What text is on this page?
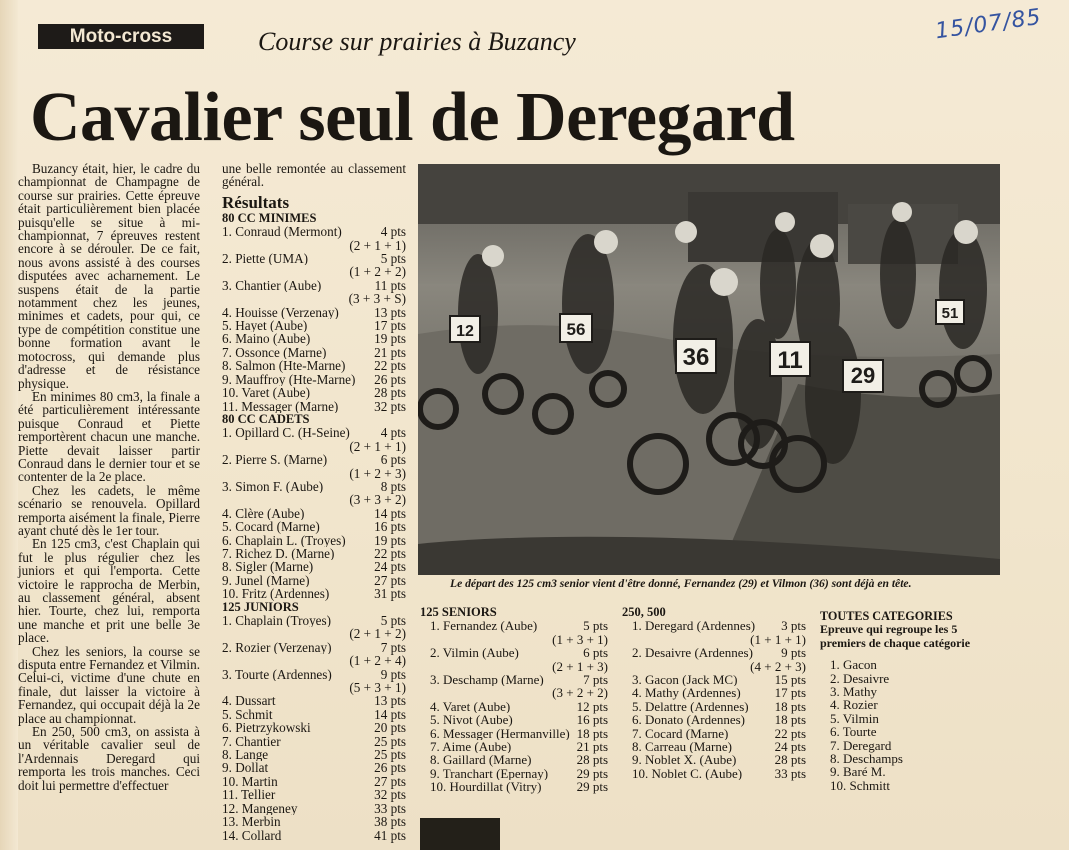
Moto-cross	Course sur prairies à Buzancy	15/07/85
Cavalier seul de Deregard

Buzancy était, hier, le cadre du championnat de Champagne de course sur prairies. Cette épreuve était particulièrement bien placée puisqu'elle se situe à mi-championnat, 7 épreuves restent encore à se dérouler. De ce fait, nous avons assisté à des courses disputées avec acharnement. Le suspens était de la partie notamment chez les jeunes, minimes et cadets, pour qui, ce type de compétition constitue une bonne formation avant le motocross, qui demande plus d'adresse et de résistance physique.

En minimes 80 cm3, la finale a été particulièrement intéressante puisque Conraud et Piette remportèrent chacun une manche. Piette devait laisser partir Conraud dans le dernier tour et se contenter de la 2e place.

Chez les cadets, le même scénario se renouvela. Opillard remporta aisément la finale, Pierre ayant chuté dès le 1er tour.

En 125 cm3, c'est Chaplain qui fut le plus régulier chez les juniors et qui l'emporta. Cette victoire le rapprocha de Merbin, au classement général, absent hier. Tourte, chez lui, remporta une manche et prit une belle 3e place.

Chez les seniors, la course se disputa entre Fernandez et Vilmin. Celui-ci, victime d'une chute en finale, dut laisser la victoire à Fernandez, qui occupait déjà la 2e place au championnat.

En 250, 500 cm3, on assista à un véritable cavalier seul de l'Ardennais Deregard qui remporta les trois manches. Ceci doit lui permettre d'effectuer

une belle remontée au classement général.

Résultats

80 CC MINIMES

1. Conraud (Mermont)	4 pts
(2 + 1 + 1)
2. Piette (UMA)	5 pts
(1 + 2 + 2)
3. Chantier (Aube)	11 pts
(3 + 3 + S)
4. Houisse (Verzenay)	13 pts
5. Hayet (Aube)	17 pts
6. Maino (Aube)	19 pts
7. Ossonce (Marne)	21 pts
8. Salmon (Hte-Marne)	22 pts
9. Mauffroy (Hte-Marne)	26 pts
10. Varet (Aube)	28 pts
11. Messager (Marne)	32 pts

80 CC CADETS

1. Opillard C. (H-Seine)	4 pts
(2 + 1 + 1)
2. Pierre S. (Marne)	6 pts
(1 + 2 + 3)
3. Simon F. (Aube)	8 pts
(3 + 3 + 2)
4. Clère (Aube)	14 pts
5. Cocard (Marne)	16 pts
6. Chaplain L. (Troyes)	19 pts
7. Richez D. (Marne)	22 pts
8. Sigler (Marne)	24 pts
9. Junel (Marne)	27 pts
10. Fritz (Ardennes)	31 pts

125 JUNIORS

1. Chaplain (Troyes)	5 pts
(2 + 1 + 2)
2. Rozier (Verzenay)	7 pts
(1 + 2 + 4)
3. Tourte (Ardennes)	9 pts
(5 + 3 + 1)
4. Dussart	13 pts
5. Schmit	14 pts
6. Pietrzykowski	20 pts
7. Chantier	25 pts
8. Lange	25 pts
9. Dollat	26 pts
10. Martin	27 pts
11. Tellier	32 pts
12. Mangeney	33 pts
13. Merbin	38 pts
14. Collard	41 pts
12	56
36	11
29
51
Le départ des 125 cm3 senior vient d'être donné, Fernandez (29) et Vilmon (36) sont déjà en tête.

125 SENIORS

1. Fernandez (Aube)	5 pts
(1 + 3 + 1)
2. Vilmin (Aube)	6 pts
(2 + 1 + 3)
3. Deschamp (Marne)	7 pts
(3 + 2 + 2)
4. Varet (Aube)	12 pts
5. Nivot (Aube)	16 pts
6. Messager (Hermanville) 18 pts
7. Aime (Aube)	21 pts
8. Gaillard (Marne)	28 pts
9. Tranchart (Epernay)	29 pts
10. Hourdillat (Vitry)	29 pts

250, 500

1. Deregard (Ardennes)	3 pts
(1 + 1 + 1)
2. Desaivre (Ardennes)	9 pts
(4 + 2 + 3)
3. Gacon (Jack MC)	15 pts
4. Mathy (Ardennes)	17 pts
5. Delattre (Ardennes)	18 pts
6. Donato (Ardennes)	18 pts
7. Cocard (Marne)	22 pts
8. Carreau (Marne)	24 pts
9. Noblet X. (Aube)	28 pts
10. Noblet C. (Aube)	33 pts

TOUTES CATEGORIES

Epreuve qui regroupe les 5 premiers de chaque catégorie

1. Gacon
2. Desaivre
3. Mathy
4. Rozier
5. Vilmin
6. Tourte
7. Deregard
8. Deschamps
9. Baré M.
10. Schmitt
